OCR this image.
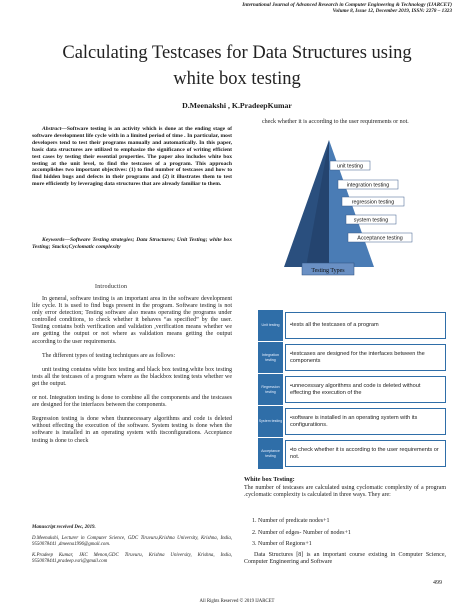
International Journal of Advanced Research in Computer Engineering & Technology (IJARCET)
Volume 8, Issue 12, December 2019, ISSN: 2278 – 1323
Calculating Testcases for Data Structures using
white box testing
D.Meenakshi , K.PradeepKumar
Abstract—Software testing is an activity which is done at the ending stage of software development life cycle with in a limited period of time . In particular, most developers tend to test their programs manually and automatically. In this paper, basic data structures are utilized to emphasize the significance of writing efficient test cases by testing their essential properties. The paper also includes white box testing at the unit level, to find the testcases of a program. This approach accomplishes two important objectives: (1) to find number of testcases and how to find hidden bugs and defects in their programs and (2) it illustrates them to test more efficiently by leveraging data structures that are already familiar to them.
Keywords—Software Testing strategies; Data Structures; Unit Testing; white box Testing; Stacks;Cyclomatic complexity
Introduction

In general, software testing is an important area in the software development life cycle. It is used to find bugs present in the program. Software testing is not only error detection; Testing software also means operating the programs under controlled conditions, to check whether it behaves “as specified” by the user. Testing contains both verification and validation ,verification means whether we are getting the output or not where as validation means getting the output according to the user requirements.

The different types of testing techniques are as follows:

unit testing contains white box testing and black box testing.white box testing tests all the testcases of a program where as the blackbox testing tests whether we get the output.

or not. Integration testing is done to combine all the components and the testcases are designed for the interfaces between the components.

Regression testing is done when thunnecessary algorithms and code is deleted without effecting the execution of the software. System testing is done when the software is installed in an operating system with itsconfigurations. Acceptance testing is done to check

Manuscript received Dec, 2019.

D.Meenakshi, Lecturer in Computer Science, GDC Tiruvuru,Krishna University, Krishna, India, 9550078441 ,dmeena1996@gmail.com.

K.Pradeep Kumar, JKC Menon,GDC Tiruvuru, Krishna University, Krishna, India, 9550078441,pradeep.vsri@gmail.com

check whether it is according to the user requirements or not.
Testing Types
unit testing
integration testing
regression testing
system testing
Acceptance testing
Unit testing	•tests all the testcases of a program
Integration testing
•testcases are designed for the interfaces between the components
Regression testing
•unnecessary algorithms and code is deleted without effecting the execution of the
System testing
•software is installed in an operating system with its configuratiions.
Acceptance testing
•to check whether it is according to the user requirements or not.
White box Testing:
The number of testcases are calculated using cyclomatic complexity of a program .cyclomatic complexity is calculated in three ways. They are:
1. Number of predicate nodes+1
2. Number of edges- Number of nodes+1
3. Number of Regions+1
Data Structures [8] is an important course existing in Computer Science, Computer Engineering and Software
499
All Rights Reserved © 2019 IJARCET
